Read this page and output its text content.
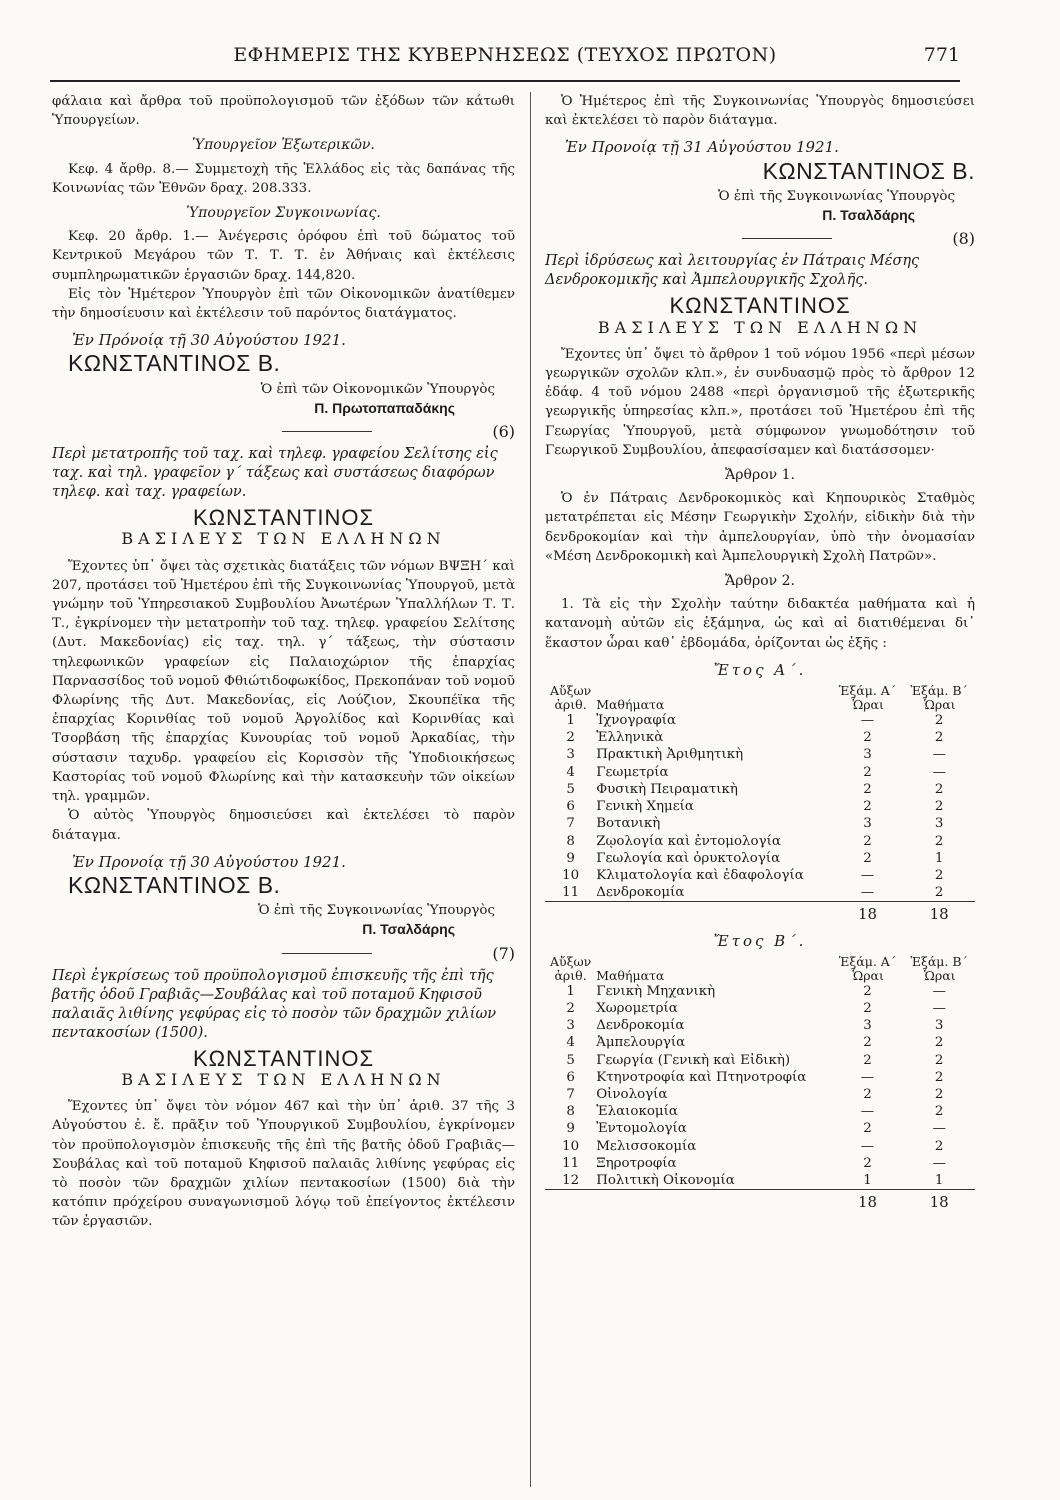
ΕΦΗΜΕΡΙΣ ΤΗΣ ΚΥΒΕΡΝΗΣΕΩΣ (ΤΕΥΧΟΣ ΠΡΩΤΟΝ)	771

φάλαια καὶ ἄρθρα τοῦ προϋπολογισμοῦ τῶν ἐξόδων τῶν κάτωθι Ὑπουργείων.

Ὑπουργεῖον Ἐξωτερικῶν.

Κεφ. 4 ἄρθρ. 8.— Συμμετοχὴ τῆς Ἑλλάδος εἰς τὰς δαπάνας τῆς Κοινωνίας τῶν Ἐθνῶν δραχ. 208.333.

Ὑπουργεῖον Συγκοινωνίας.

Κεφ. 20 ἄρθρ. 1.— Ἀνέγερσις ὀρόφου ἐπὶ τοῦ δώματος τοῦ Κεντρικοῦ Μεγάρου τῶν Τ. Τ. Τ. ἐν Ἀθήναις καὶ ἐκτέλεσις συμπληρωματικῶν ἐργασιῶν δραχ. 144,820.

Εἰς τὸν Ἡμέτερον Ὑπουργὸν ἐπὶ τῶν Οἰκονομικῶν ἀνατίθεμεν τὴν δημοσίευσιν καὶ ἐκτέλεσιν τοῦ παρόντος διατάγματος.

Ἐν Πρόνοίᾳ τῇ 30 Αὐγούστου 1921.

ΚΩΝΣΤΑΝΤΙΝΟΣ Β.

Ὁ ἐπὶ τῶν Οἰκονομικῶν Ὑπουργὸς

Π. Πρωτοπαπαδάκης

(6)

Περὶ μετατροπῆς τοῦ ταχ. καὶ τηλεφ. γραφείου Σελίτσης εἰς ταχ. καὶ τηλ. γραφεῖον γ´ τάξεως καὶ συστάσεως διαφόρων τηλεφ. καὶ ταχ. γραφείων.

ΚΩΝΣΤΑΝΤΙΝΟΣ
ΒΑΣΙΛΕΥΣ ΤΩΝ ΕΛΛΗΝΩΝ

Ἔχοντες ὑπ᾿ ὄψει τὰς σχετικὰς διατάξεις τῶν νόμων ΒΨΞΗ´ καὶ 207, προτάσει τοῦ Ἡμετέρου ἐπὶ τῆς Συγκοινωνίας Ὑπουργοῦ, μετὰ γνώμην τοῦ Ὑπηρεσιακοῦ Συμβουλίου Ἀνωτέρων Ὑπαλλήλων Τ. Τ. Τ., ἐγκρίνομεν τὴν μετατροπὴν τοῦ ταχ. τηλεφ. γραφείου Σελίτσης (Δυτ. Μακεδονίας) εἰς ταχ. τηλ. γ´ τάξεως, τὴν σύστασιν τηλεφωνικῶν γραφείων εἰς Παλαιοχώριον τῆς ἐπαρχίας Παρνασσίδος τοῦ νομοῦ Φθιώτιδοφωκίδος, Πρεκοπάναν τοῦ νομοῦ Φλωρίνης τῆς Δυτ. Μακεδονίας, εἰς Λούζιον, Σκουπέϊκα τῆς ἐπαρχίας Κορινθίας τοῦ νομοῦ Ἀργολίδος καὶ Κορινθίας καὶ Τσορβάση τῆς ἐπαρχίας Κυνουρίας τοῦ νομοῦ Ἀρκαδίας, τὴν σύστασιν ταχυδρ. γραφείου εἰς Κορισσὸν τῆς Ὑποδιοικήσεως Καστορίας τοῦ νομοῦ Φλωρίνης καὶ τὴν κατασκευὴν τῶν οἰκείων τηλ. γραμμῶν.

Ὁ αὐτὸς Ὑπουργὸς δημοσιεύσει καὶ ἐκτελέσει τὸ παρὸν διάταγμα.

Ἐν Προνοίᾳ τῇ 30 Αὐγούστου 1921.

ΚΩΝΣΤΑΝΤΙΝΟΣ Β.

Ὁ ἐπὶ τῆς Συγκοινωνίας Ὑπουργὸς

Π. Τσαλδάρης

(7)

Περὶ ἐγκρίσεως τοῦ προϋπολογισμοῦ ἐπισκευῆς τῆς ἐπὶ τῆς βατῆς ὁδοῦ Γραβιᾶς—Σουβάλας καὶ τοῦ ποταμοῦ Κηφισοῦ παλαιᾶς λιθίνης γεφύρας εἰς τὸ ποσὸν τῶν δραχμῶν χιλίων πεντακοσίων (1500).

ΚΩΝΣΤΑΝΤΙΝΟΣ
ΒΑΣΙΛΕΥΣ ΤΩΝ ΕΛΛΗΝΩΝ

Ἔχοντες ὑπ᾿ ὄψει τὸν νόμον 467 καὶ τὴν ὑπ᾿ ἀριθ. 37 τῆς 3 Αὐγούστου ἐ. ἔ. πρᾶξιν τοῦ Ὑπουργικοῦ Συμβουλίου, ἐγκρίνομεν τὸν προϋπολογισμὸν ἐπισκευῆς τῆς ἐπὶ τῆς βατῆς ὁδοῦ Γραβιᾶς—Σουβάλας καὶ τοῦ ποταμοῦ Κηφισοῦ παλαιᾶς λιθίνης γεφύρας εἰς τὸ ποσὸν τῶν δραχμῶν χιλίων πεντακοσίων (1500) διὰ τὴν κατόπιν πρόχείρου συναγωνισμοῦ λόγῳ τοῦ ἐπείγοντος ἐκτέλεσιν τῶν ἐργασιῶν.

Ὁ Ἡμέτερος ἐπὶ τῆς Συγκοινωνίας Ὑπουργὸς δημοσιεύσει καὶ ἐκτελέσει τὸ παρὸν διάταγμα.

Ἐν Προνοίᾳ τῇ 31 Αὐγούστου 1921.

ΚΩΝΣΤΑΝΤΙΝΟΣ Β.

Ὁ ἐπὶ τῆς Συγκοινωνίας Ὑπουργὸς

Π. Τσαλδάρης

(8)

Περὶ ἱδρύσεως καὶ λειτουργίας ἐν Πάτραις Μέσης Δενδροκομικῆς καὶ Ἀμπελουργικῆς Σχολῆς.

ΚΩΝΣΤΑΝΤΙΝΟΣ
ΒΑΣΙΛΕΥΣ ΤΩΝ ΕΛΛΗΝΩΝ

Ἔχοντες ὑπ᾿ ὄψει τὸ ἄρθρον 1 τοῦ νόμου 1956 «περὶ μέσων γεωργικῶν σχολῶν κλπ.», ἐν συνδυασμῷ πρὸς τὸ ἄρθρον 12 ἐδάφ. 4 τοῦ νόμου 2488 «περὶ ὀργανισμοῦ τῆς ἐξωτερικῆς γεωργικῆς ὑπηρεσίας κλπ.», προτάσει τοῦ Ἡμετέρου ἐπὶ τῆς Γεωργίας Ὑπουργοῦ, μετὰ σύμφωνον γνωμοδότησιν τοῦ Γεωργικοῦ Συμβουλίου, ἀπεφασίσαμεν καὶ διατάσσομεν·

Ἄρθρον 1.

Ὁ ἐν Πάτραις Δενδροκομικὸς καὶ Κηπουρικὸς Σταθμὸς μετατρέπεται εἰς Μέσην Γεωργικὴν Σχολήν, εἰδικὴν διὰ τὴν δενδροκομίαν καὶ τὴν ἀμπελουργίαν, ὑπὸ τὴν ὀνομασίαν «Μέση Δενδροκομικὴ καὶ Ἀμπελουργικὴ Σχολὴ Πατρῶν».

Ἄρθρον 2.

1. Τὰ εἰς τὴν Σχολὴν ταύτην διδακτέα μαθήματα καὶ ἡ κατανομὴ αὐτῶν εἰς ἑξάμηνα, ὡς καὶ αἱ διατιθέμεναι δι᾿ ἕκαστον ὧραι καθ᾿ ἑβδομάδα, ὁρίζονται ὡς ἑξῆς :

Ἔτος Α´.

Αὔξων ἀριθ.	Μαθήματα	Ἑξάμ. Α´ Ὧραι	Ἑξάμ. Β´ Ὧραι
1	Ἰχνογραφία	—	2
2	Ἑλληνικὰ	2	2
3	Πρακτικὴ Ἀριθμητικὴ	3	—
4	Γεωμετρία	2	—
5	Φυσικὴ Πειραματικὴ	2	2
6	Γενικὴ Χημεία	2	2
7	Βοτανικὴ	3	3
8	Ζῳολογία καὶ ἐντομολογία	2	2
9	Γεωλογία καὶ ὀρυκτολογία	2	1
10	Κλιματολογία καὶ ἐδαφολογία	—	2
11	Δενδροκομία	—	2
		18	18

Ἔτος Β´.

Αὔξων ἀριθ.	Μαθήματα	Ἑξάμ. Α´ Ὧραι	Ἑξάμ. Β´ Ὧραι
1	Γενικὴ Μηχανικὴ	2	—
2	Χωρομετρία	2	—
3	Δενδροκομία	3	3
4	Ἀμπελουργία	2	2
5	Γεωργία (Γενικὴ καὶ Εἰδικὴ)	2	2
6	Κτηνοτροφία καὶ Πτηνοτροφία	—	2
7	Οἰνολογία	2	2
8	Ἐλαιοκομία	—	2
9	Ἐντομολογία	2	—
10	Μελισσοκομία	—	2
11	Ξηροτροφία	2	—
12	Πολιτικὴ Οἰκονομία	1	1
		18	18
